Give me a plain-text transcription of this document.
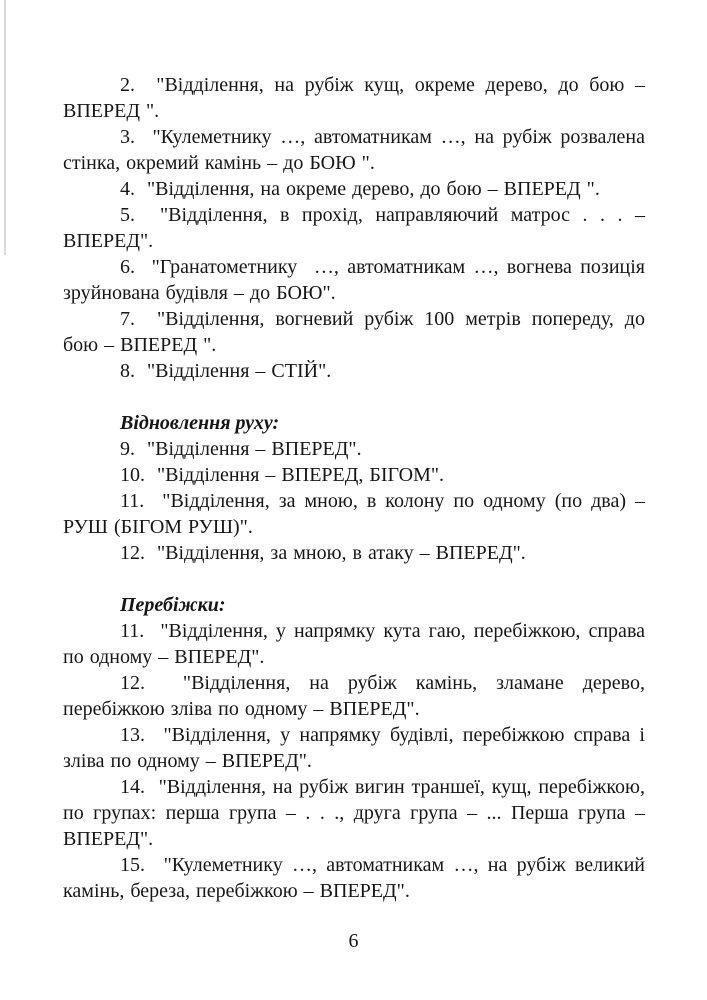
2.  "Відділення, на рубіж кущ, окреме дерево, до бою – ВПЕРЕД ".

3.  "Кулеметнику …, автоматникам …, на рубіж розвалена стінка, окремий камінь – до БОЮ ".

4.  "Відділення, на окреме дерево, до бою – ВПЕРЕД ".

5.  "Відділення, в прохід, направляючий матрос . . . – ВПЕРЕД".

6.  "Гранатометнику  …, автоматникам …, вогнева позиція зруйнована будівля – до БОЮ".

7.  "Відділення, вогневий рубіж 100 метрів попереду, до бою – ВПЕРЕД ".

8.  "Відділення – СТІЙ".

Відновлення руху:

9.  "Відділення – ВПЕРЕД".

10.  "Відділення – ВПЕРЕД, БІГОМ".

11.  "Відділення, за мною, в колону по одному (по два) – РУШ (БІГОМ РУШ)".

12.  "Відділення, за мною, в атаку – ВПЕРЕД".

Перебіжки:

11.  "Відділення, у напрямку кута гаю, перебіжкою, справа по одному – ВПЕРЕД".

12.  "Відділення, на рубіж камінь, зламане дерево, перебіжкою зліва по одному – ВПЕРЕД".

13.  "Відділення, у напрямку будівлі, перебіжкою справа і зліва по одному – ВПЕРЕД".

14.  "Відділення, на рубіж вигин траншеї, кущ, перебіжкою, по групах: перша група – . . ., друга група – ... Перша група – ВПЕРЕД".

15.  "Кулеметнику …, автоматникам …, на рубіж великий камінь, береза, перебіжкою – ВПЕРЕД".

6
